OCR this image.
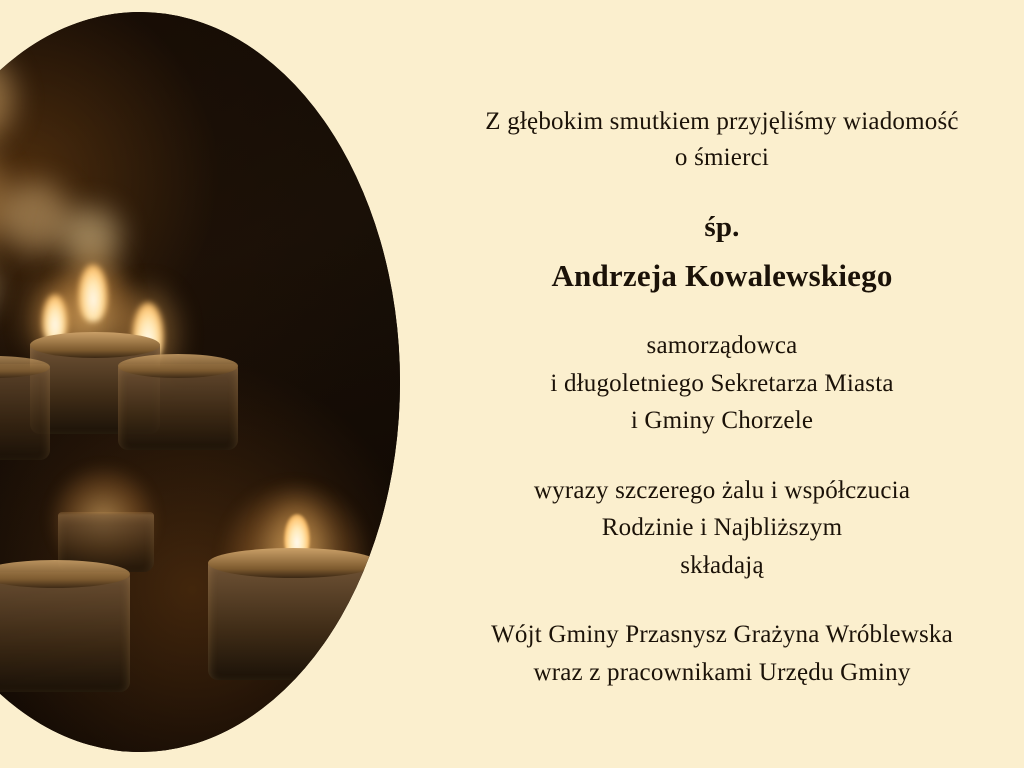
Z głębokim smutkiem przyjęliśmy wiadomość
o śmierci
śp.
Andrzeja Kowalewskiego
samorządowca
i długoletniego Sekretarza Miasta
i Gminy Chorzele
wyrazy szczerego żalu i współczucia
Rodzinie i Najbliższym
składają
Wójt Gminy Przasnysz Grażyna Wróblewska
wraz z pracownikami Urzędu Gminy
